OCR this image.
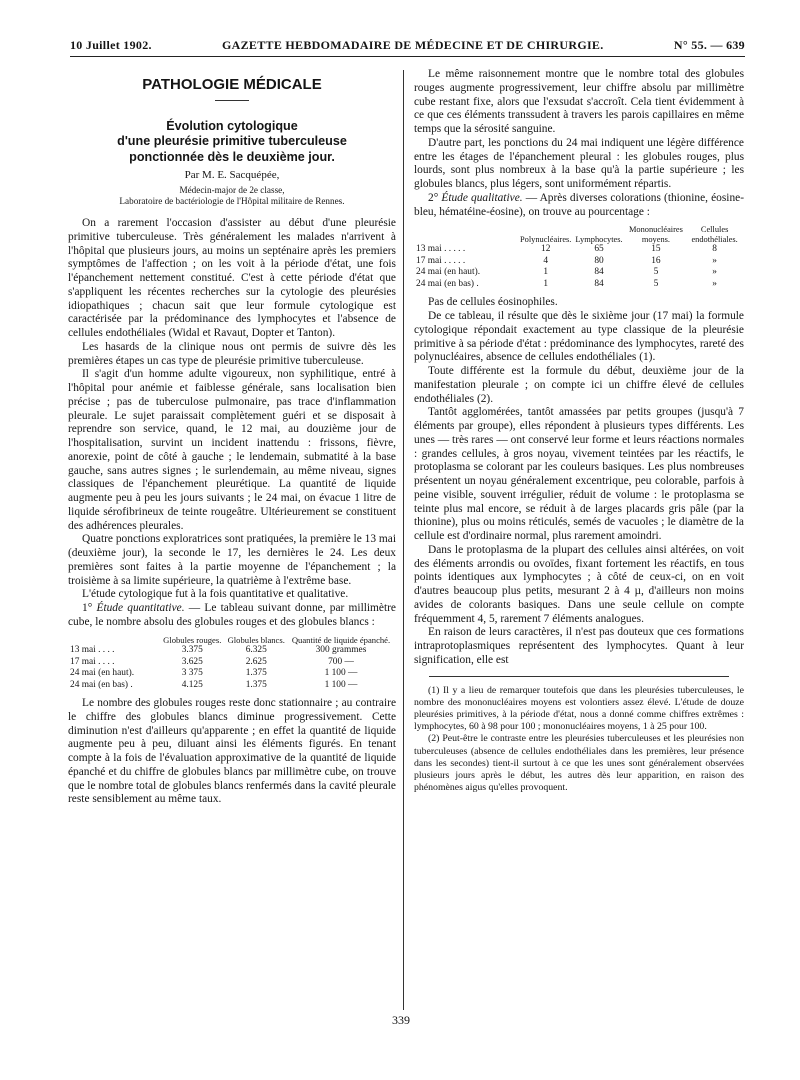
10 Juillet 1902.	GAZETTE HEBDOMADAIRE DE MÉDECINE ET DE CHIRURGIE.	N° 55. — 639
PATHOLOGIE MÉDICALE
Évolution cytologique
d'une pleurésie primitive tuberculeuse
ponctionnée dès le deuxième jour.

Par M. E. Sacquépée,

Médecin-major de 2e classe,

Laboratoire de bactériologie de l'Hôpital militaire de Rennes.

On a rarement l'occasion d'assister au début d'une pleurésie primitive tuberculeuse. Très généralement les malades n'arrivent à l'hôpital que plusieurs jours, au moins un septénaire après les premiers symptômes de l'affection ; on les voit à la période d'état, une fois l'épanchement nettement constitué. C'est à cette période d'état que s'appliquent les récentes recherches sur la cytologie des pleurésies idiopathiques ; chacun sait que leur formule cytologique est caractérisée par la prédominance des lymphocytes et l'absence de cellules endothéliales (Widal et Ravaut, Dopter et Tanton).

Les hasards de la clinique nous ont permis de suivre dès les premières étapes un cas type de pleurésie primitive tuberculeuse.

Il s'agit d'un homme adulte vigoureux, non syphilitique, entré à l'hôpital pour anémie et faiblesse générale, sans localisation bien précise ; pas de tuberculose pulmonaire, pas trace d'inflammation pleurale. Le sujet paraissait complètement guéri et se disposait à reprendre son service, quand, le 12 mai, au douzième jour de l'hospitalisation, survint un incident inattendu : frissons, fièvre, anorexie, point de côté à gauche ; le lendemain, submatité à la base gauche, sans autres signes ; le surlendemain, au même niveau, signes classiques de l'épanchement pleurétique. La quantité de liquide augmente peu à peu les jours suivants ; le 24 mai, on évacue 1 litre de liquide sérofibrineux de teinte rougeâtre. Ultérieurement se constituent des adhérences pleurales.

Quatre ponctions exploratrices sont pratiquées, la première le 13 mai (deuxième jour), la seconde le 17, les dernières le 24. Les deux premières sont faites à la partie moyenne de l'épanchement ; la troisième à sa limite supérieure, la quatrième à l'extrême base.

L'étude cytologique fut à la fois quantitative et qualitative.

1° Étude quantitative. — Le tableau suivant donne, par millimètre cube, le nombre absolu des globules rouges et des globules blancs :

	Globules rouges.	Globules blancs.	Quantité de liquide épanché.
13 mai . . . .	3.375	6.325	300 grammes
17 mai . . . .	3.625	2.625	700 —
24 mai (en haut).	3 375	1.375	1 100 —
24 mai (en bas) .	4.125	1.375	1 100 —

Le nombre des globules rouges reste donc stationnaire ; au contraire le chiffre des globules blancs diminue progressivement. Cette diminution n'est d'ailleurs qu'apparente ; en effet la quantité de liquide augmente peu à peu, diluant ainsi les éléments figurés. En tenant compte à la fois de l'évaluation approximative de la quantité de liquide épanché et du chiffre de globules blancs par millimètre cube, on trouve que le nombre total de globules blancs renfermés dans la cavité pleurale reste sensiblement au même taux.

Le même raisonnement montre que le nombre total des globules rouges augmente progressivement, leur chiffre absolu par millimètre cube restant fixe, alors que l'exsudat s'accroît. Cela tient évidemment à ce que ces éléments transsudent à travers les parois capillaires en même temps que la sérosité sanguine.

D'autre part, les ponctions du 24 mai indiquent une légère différence entre les étages de l'épanchement pleural : les globules rouges, plus lourds, sont plus nombreux à la base qu'à la partie supérieure ; les globules blancs, plus légers, sont uniformément répartis.

2° Étude qualitative. — Après diverses colorations (thionine, éosine-bleu, hématéine-éosine), on trouve au pourcentage :

	Polynucléaires.	Lymphocytes.	Mononucléaires moyens.	Cellules endothéliales.
13 mai . . . . .	12	65	15	8
17 mai . . . . .	4	80	16	»
24 mai (en haut).	1	84	5	»
24 mai (en bas) .	1	84	5	»

Pas de cellules éosinophiles.

De ce tableau, il résulte que dès le sixième jour (17 mai) la formule cytologique répondait exactement au type classique de la pleurésie primitive à sa période d'état : prédominance des lymphocytes, rareté des polynucléaires, absence de cellules endothéliales (1).

Toute différente est la formule du début, deuxième jour de la manifestation pleurale ; on compte ici un chiffre élevé de cellules endothéliales (2).

Tantôt agglomérées, tantôt amassées par petits groupes (jusqu'à 7 éléments par groupe), elles répondent à plusieurs types différents. Les unes — très rares — ont conservé leur forme et leurs réactions normales : grandes cellules, à gros noyau, vivement teintées par les réactifs, le protoplasma se colorant par les couleurs basiques. Les plus nombreuses présentent un noyau généralement excentrique, peu colorable, parfois à peine visible, souvent irrégulier, réduit de volume : le protoplasma se teinte plus mal encore, se réduit à de larges placards gris pâle (par la thionine), plus ou moins réticulés, semés de vacuoles ; le diamètre de la cellule est d'ordinaire normal, plus rarement amoindri.

Dans le protoplasma de la plupart des cellules ainsi altérées, on voit des éléments arrondis ou ovoïdes, fixant fortement les réactifs, en tous points identiques aux lymphocytes ; à côté de ceux-ci, on en voit d'autres beaucoup plus petits, mesurant 2 à 4 µ, d'ailleurs non moins avides de colorants basiques. Dans une seule cellule on compte fréquemment 4, 5, rarement 7 éléments analogues.

En raison de leurs caractères, il n'est pas douteux que ces formations intraprotoplasmiques représentent des lymphocytes. Quant à leur signification, elle est

(1) Il y a lieu de remarquer toutefois que dans les pleurésies tuberculeuses, le nombre des mononucléaires moyens est volontiers assez élevé. L'étude de douze pleurésies primitives, à la période d'état, nous a donné comme chiffres extrêmes : lymphocytes, 60 à 98 pour 100 ; mononucléaires moyens, 1 à 25 pour 100.

(2) Peut-être le contraste entre les pleurésies tuberculeuses et les pleurésies non tuberculeuses (absence de cellules endothéliales dans les premières, leur présence dans les secondes) tient-il surtout à ce que les unes sont généralement observées plusieurs jours après le début, les autres dès leur apparition, en raison des phénomènes aigus qu'elles provoquent.

339
